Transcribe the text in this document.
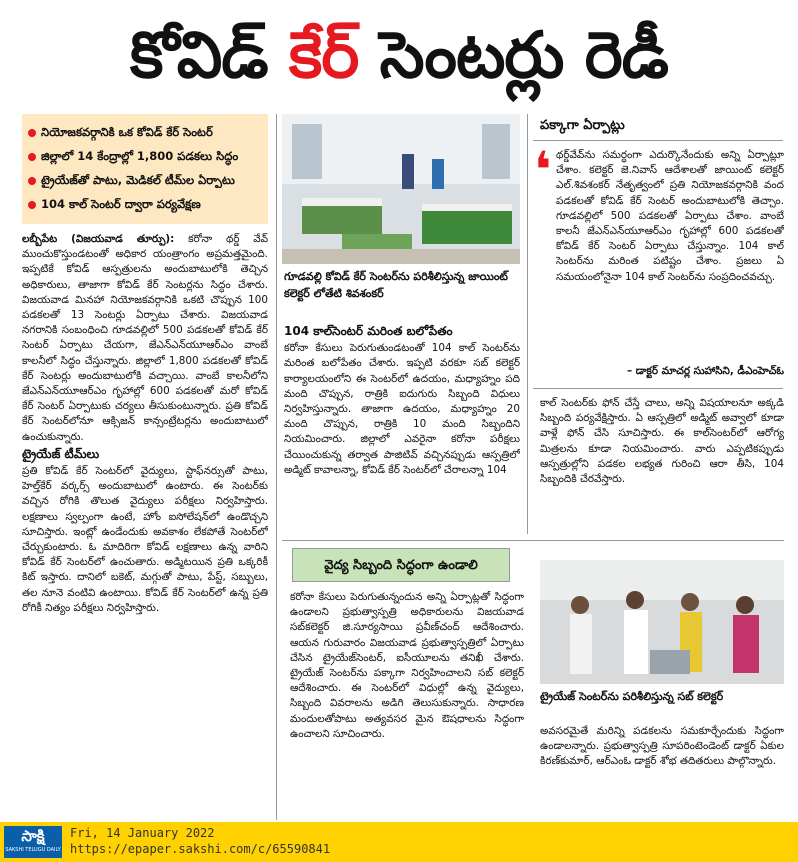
కోవిడ్ కేర్ సెంటర్లు రెడీ
నియోజకవర్గానికి ఒక కోవిడ్ కేర్ సెంటర్
జిల్లాలో 14 కేంద్రాల్లో 1,800 పడకలు సిద్ధం
ట్రైయేజ్‌తో పాటు, మెడికల్ టీమ్‌ల ఏర్పాటు
104 కాల్ సెంటర్ ద్వారా పర్యవేక్షణ

లబ్బీపేట (విజయవాడ తూర్పు): కరోనా థర్డ్ వేవ్ ముంచుకొస్తుండటంతో అధికార యంత్రాంగం అప్రమత్తమైంది. ఇప్పటికే కోవిడ్ ఆస్పత్రులను అందుబాటులోకి తెచ్చిన అధికారులు, తాజాగా కోవిడ్ కేర్ సెంటర్లను సిద్ధం చేశారు. విజయవాడ మినహా నియోజకవర్గానికి ఒకటి చొప్పున 100 పడకలతో 13 సెంటర్లు ఏర్పాటు చేశారు. విజయవాడ నగరానికి సంబంధించి గూడవల్లిలో 500 పడకలతో కోవిడ్ కేర్ సెంటర్ ఏర్పాటు చేయగా, జేఎన్ఎన్‌యూఆర్ఎం వాంబే కాలనీలో సిద్ధం చేస్తున్నారు. జిల్లాలో 1,800 పడకలతో కోవిడ్ కేర్ సెంటర్లు అందుబాటులోకి వచ్చాయి. వాంబే కాలనీలోని జేఎన్ఎన్‌యూఆర్ఎం గృహాల్లో 600 పడకలతో మరో కోవిడ్ కేర్ సెంటర్ ఏర్పాటుకు చర్యలు తీసుకుంటున్నారు. ప్రతి కోవిడ్ కేర్ సెంటర్‌లోనూ ఆక్సిజన్ కాన్సంట్రేటర్లను అందుబాటులో ఉంచుకున్నారు.

ట్రైయేజ్ టీమ్‌లు

ప్రతి కోవిడ్ కేర్ సెంటర్‌లో వైద్యులు, స్టాఫ్‌నర్సుతో పాటు, హెల్త్‌కేర్ వర్కర్స్ అందుబాటులో ఉంటారు. ఈ సెంటర్‌కు వచ్చిన రోగికి తొలుత వైద్యులు పరీక్షలు నిర్వహిస్తారు. లక్షణాలు స్వల్పంగా ఉంటే, హోం ఐసోలేషన్‌లో ఉండొచ్చని సూచిస్తారు. ఇంట్లో ఉండేందుకు అవకాశం లేకపోతే సెంటర్‌లో చేర్చుకుంటారు. ఓ మాదిరిగా కోవిడ్ లక్షణాలు ఉన్న వారిని కోవిడ్ కేర్ సెంటర్‌లో ఉంచుతారు. అడ్మిటయిన ప్రతి ఒక్కరికీ కిట్ ఇస్తారు. దానిలో బకెట్, మగ్గుతో పాటు, పేస్ట్, సబ్బులు, తల నూనె వంటివి ఉంటాయి. కోవిడ్ కేర్ సెంటర్‌లో ఉన్న ప్రతి రోగికీ నిత్యం పరీక్షలు నిర్వహిస్తారు.

గూడవల్లి కోవిడ్ కేర్ సెంటర్‌ను పరిశీలిస్తున్న జాయింట్ కలెక్టర్ లోతేటి శివశంకర్
104 కాల్‌సెంటర్ మరింత బలోపేతం

కరోనా కేసులు పెరుగుతుండటంతో 104 కాల్ సెంటర్‌ను మరింత బలోపేతం చేశారు. ఇప్పటి వరకూ సబ్ కలెక్టర్ కార్యాలయంలోని ఈ సెంటర్‌లో ఉదయం, మధ్యాహ్నం పది మంది చొప్పున, రాత్రికి ఐదుగురు సిబ్బంది విధులు నిర్వహిస్తున్నారు. తాజాగా ఉదయం, మధ్యాహ్నం 20 మంది చొప్పున, రాత్రికి 10 మంది సిబ్బందిని నియమించారు. జిల్లాలో ఎవరైనా కరోనా పరీక్షలు చేయించుకున్న తర్వాత పాజిటివ్ వచ్చినప్పుడు ఆస్పత్రిలో అడ్మిట్ కావాలన్నా, కోవిడ్ కేర్ సెంటర్‌లో చేరాలన్నా 104

పక్కాగా ఏర్పాట్లు
❛ థర్డ్‌వేవ్‌ను సమర్థంగా ఎదుర్కొనేందుకు అన్ని ఏర్పాట్లూ చేశాం. కలెక్టర్ జె.నివాస్ ఆదేశాలతో జాయింట్ కలెక్టర్ ఎల్.శివశంకర్ నేతృత్వంలో ప్రతి నియోజకవర్గానికి వంద పడకలతో కోవిడ్ కేర్ సెంటర్ అందుబాటులోకి తెచ్చాం. గూడవల్లిలో 500 పడకలతో ఏర్పాటు చేశాం. వాంబే కాలనీ జేఎన్ఎన్‌యూఆర్ఎం గృహాల్లో 600 పడకలతో కోవిడ్ కేర్ సెంటర్ ఏర్పాటు చేస్తున్నాం. 104 కాల్ సెంటర్‌ను మరింత పటిష్టం చేశాం. ప్రజలు ఏ సమయంలోనైనా 104 కాల్ సెంటర్‌ను సంప్రదించవచ్చు.
– డాక్టర్ మాచర్ల సుహాసిని, డీఎంహెచ్ఓ
కాల్ సెంటర్‌కు ఫోన్ చేస్తే చాలు, అన్ని విషయాలనూ అక్కడి సిబ్బంది పర్యవేక్షిస్తారు. ఏ ఆస్పత్రిలో అడ్మిట్ అవ్వాలో కూడా వాళ్లే ఫోన్ చేసి సూచిస్తారు. ఈ కాల్‌సెంటర్‌లో ఆరోగ్య మిత్రలను కూడా నియమించారు. వారు ఎప్పటికప్పుడు ఆస్పత్రుల్లోని పడకల లభ్యత గురించి ఆరా తీసి, 104 సిబ్బందికి చేరవేస్తారు.
వైద్య సిబ్బంది సిద్ధంగా ఉండాలి
కరోనా కేసులు పెరుగుతున్నందున అన్ని ఏర్పాట్లతో సిద్ధంగా ఉండాలని ప్రభుత్వాస్పత్రి అధికారులను విజయవాడ సబ్‌కలెక్టర్ జి.సూర్యసాయి ప్రవీణ్‌చంద్ ఆదేశించారు. ఆయన గురువారం విజయవాడ ప్రభుత్వాస్పత్రిలో ఏర్పాటు చేసిన ట్రైయేజ్‌సెంటర్, ఐసీయూలను తనిఖీ చేశారు. ట్రైయేజ్ సెంటర్‌ను పక్కాగా నిర్వహించాలని సబ్ కలెక్టర్ ఆదేశించారు. ఈ సెంటర్‌లో విధుల్లో ఉన్న వైద్యులు, సిబ్బంది వివరాలను అడిగి తెలుసుకున్నారు. సాధారణ మందులతోపాటు అత్యవసర మైన ఔషధాలను సిద్ధంగా ఉంచాలని సూచించారు.
ట్రైయేజ్ సెంటర్‌ను పరిశీలిస్తున్న సబ్ కలెక్టర్
అవసరమైతే మరిన్ని పడకలను సమకూర్చేందుకు సిద్ధంగా ఉండాలన్నారు. ప్రభుత్వాస్పత్రి సూపరింటెండెంట్ డాక్టర్ ఏకుల కిరణ్‌కుమార్, ఆర్ఎంఓ డాక్టర్ శోభ తదితరులు పాల్గొన్నారు.
సాక్షి
SAKSHI TELUGU DAILY
Fri, 14 January 2022
https://epaper.sakshi.com/c/65590841
